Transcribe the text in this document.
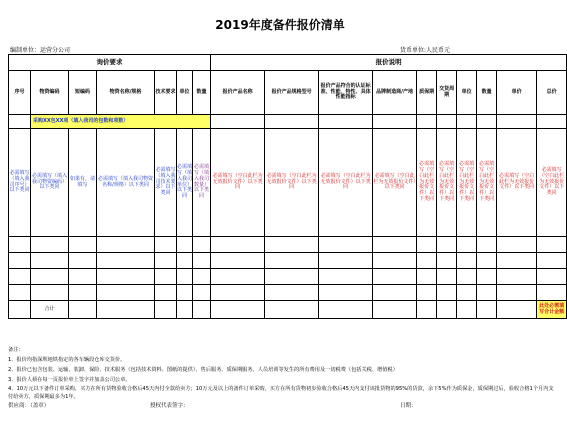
2019年度备件报价清单
编制单位：运营分公司	货币单位:人民币元
询价要求							报价说明									
序号	物资编码	短编码	物资名称/规格	技术要求	单位	数量	报价产品名称	报价产品规格型号	报价产品符合的认证标准、性能、特性、具体性能指标	品牌制造商/产地	质保期	交货周期	单位	数量	单价	总价
	采购XX包XX项（填入我司的包数和项数）															
必需填写（填入我司序号）以下类同	必需填写（填入我司物资编码）以下类同	如果有，请填写	必需填写（填入我司物资名称/规格）以下类同	必需填写（填入我司技术要求）以下类同	必需填写（填入我司单位）以下类同	必需填写（填入我司数量）以下类同	必需填写（空白此栏为无效报价文件）以下类同	必需填写（空白此栏为无效报价文件）以下类同	必需填写（空白此栏为无效报价文件）以下类同	必需填写（空白此栏为无效报价文件）以下类同	必需填写（空白此栏为无效报价文件）以下类同	必需填写（空白此栏为无效报价文件）以下类同	必需填写（空白此栏为无效报价文件）以下类同	必需填写（空白此栏为无效报价文件）以下类同	必需填写（空白此栏为无效报价文件）以下类同	必需填写（空白此栏为无效报价文件）以下类同

	合计															此处必需填写合计金额
备注：
1、报价均指深圳地铁指定的各车辆段仓库交货价。
2、报价已包含包装、运输、装卸、保险、技术服务（包括技术资料、图纸的提供）、售后服务、质保期服务、人员培训等发生的所有费用及一切税费（包括关税、增值税）
3、报价人须在每一页报价单上签字并加盖公司公章。
4、10万元以下备件订单采购，买方在所有货物验收合格后45天内付全款给卖方；10万元及以上的备件订单采购，买方在所有货物初步验收合格后45天内支付该批货物的95%的货款，余下5%作为质保金，质保期过后，验收合格1个月内支付给卖方，质保期最多为1年。
供应商：（盖章）	授权代表签字：	日期：
